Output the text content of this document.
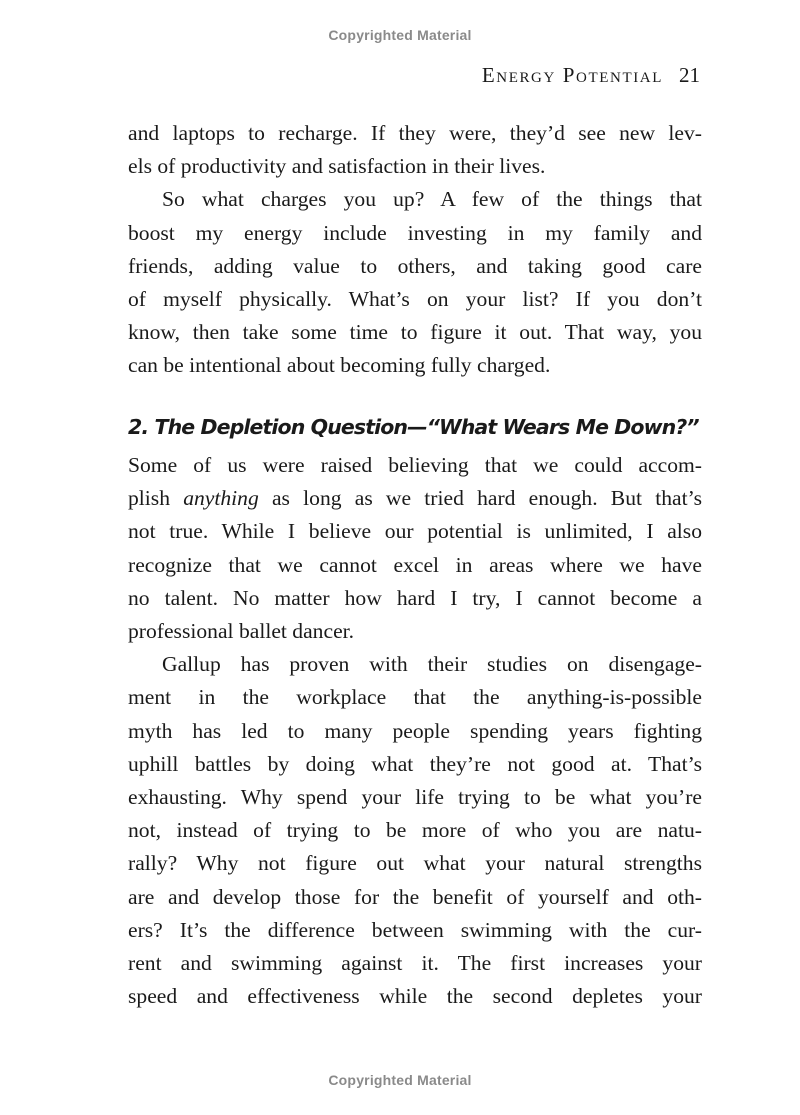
Copyrighted Material
Energy Potential 21
and laptops to recharge. If they were, they’d see new lev-
els of productivity and satisfaction in their lives.
So what charges you up? A few of the things that
boost my energy include investing in my family and
friends, adding value to others, and taking good care
of myself physically. What’s on your list? If you don’t
know, then take some time to figure it out. That way, you
can be intentional about becoming fully charged.
2. The Depletion Question—“What Wears Me Down?”
Some of us were raised believing that we could accom-
plish anything as long as we tried hard enough. But that’s
not true. While I believe our potential is unlimited, I also
recognize that we cannot excel in areas where we have
no talent. No matter how hard I try, I cannot become a
professional ballet dancer.
Gallup has proven with their studies on disengage-
ment in the workplace that the anything-is-possible
myth has led to many people spending years fighting
uphill battles by doing what they’re not good at. That’s
exhausting. Why spend your life trying to be what you’re
not, instead of trying to be more of who you are natu-
rally? Why not figure out what your natural strengths
are and develop those for the benefit of yourself and oth-
ers? It’s the difference between swimming with the cur-
rent and swimming against it. The first increases your
speed and effectiveness while the second depletes your
Copyrighted Material
